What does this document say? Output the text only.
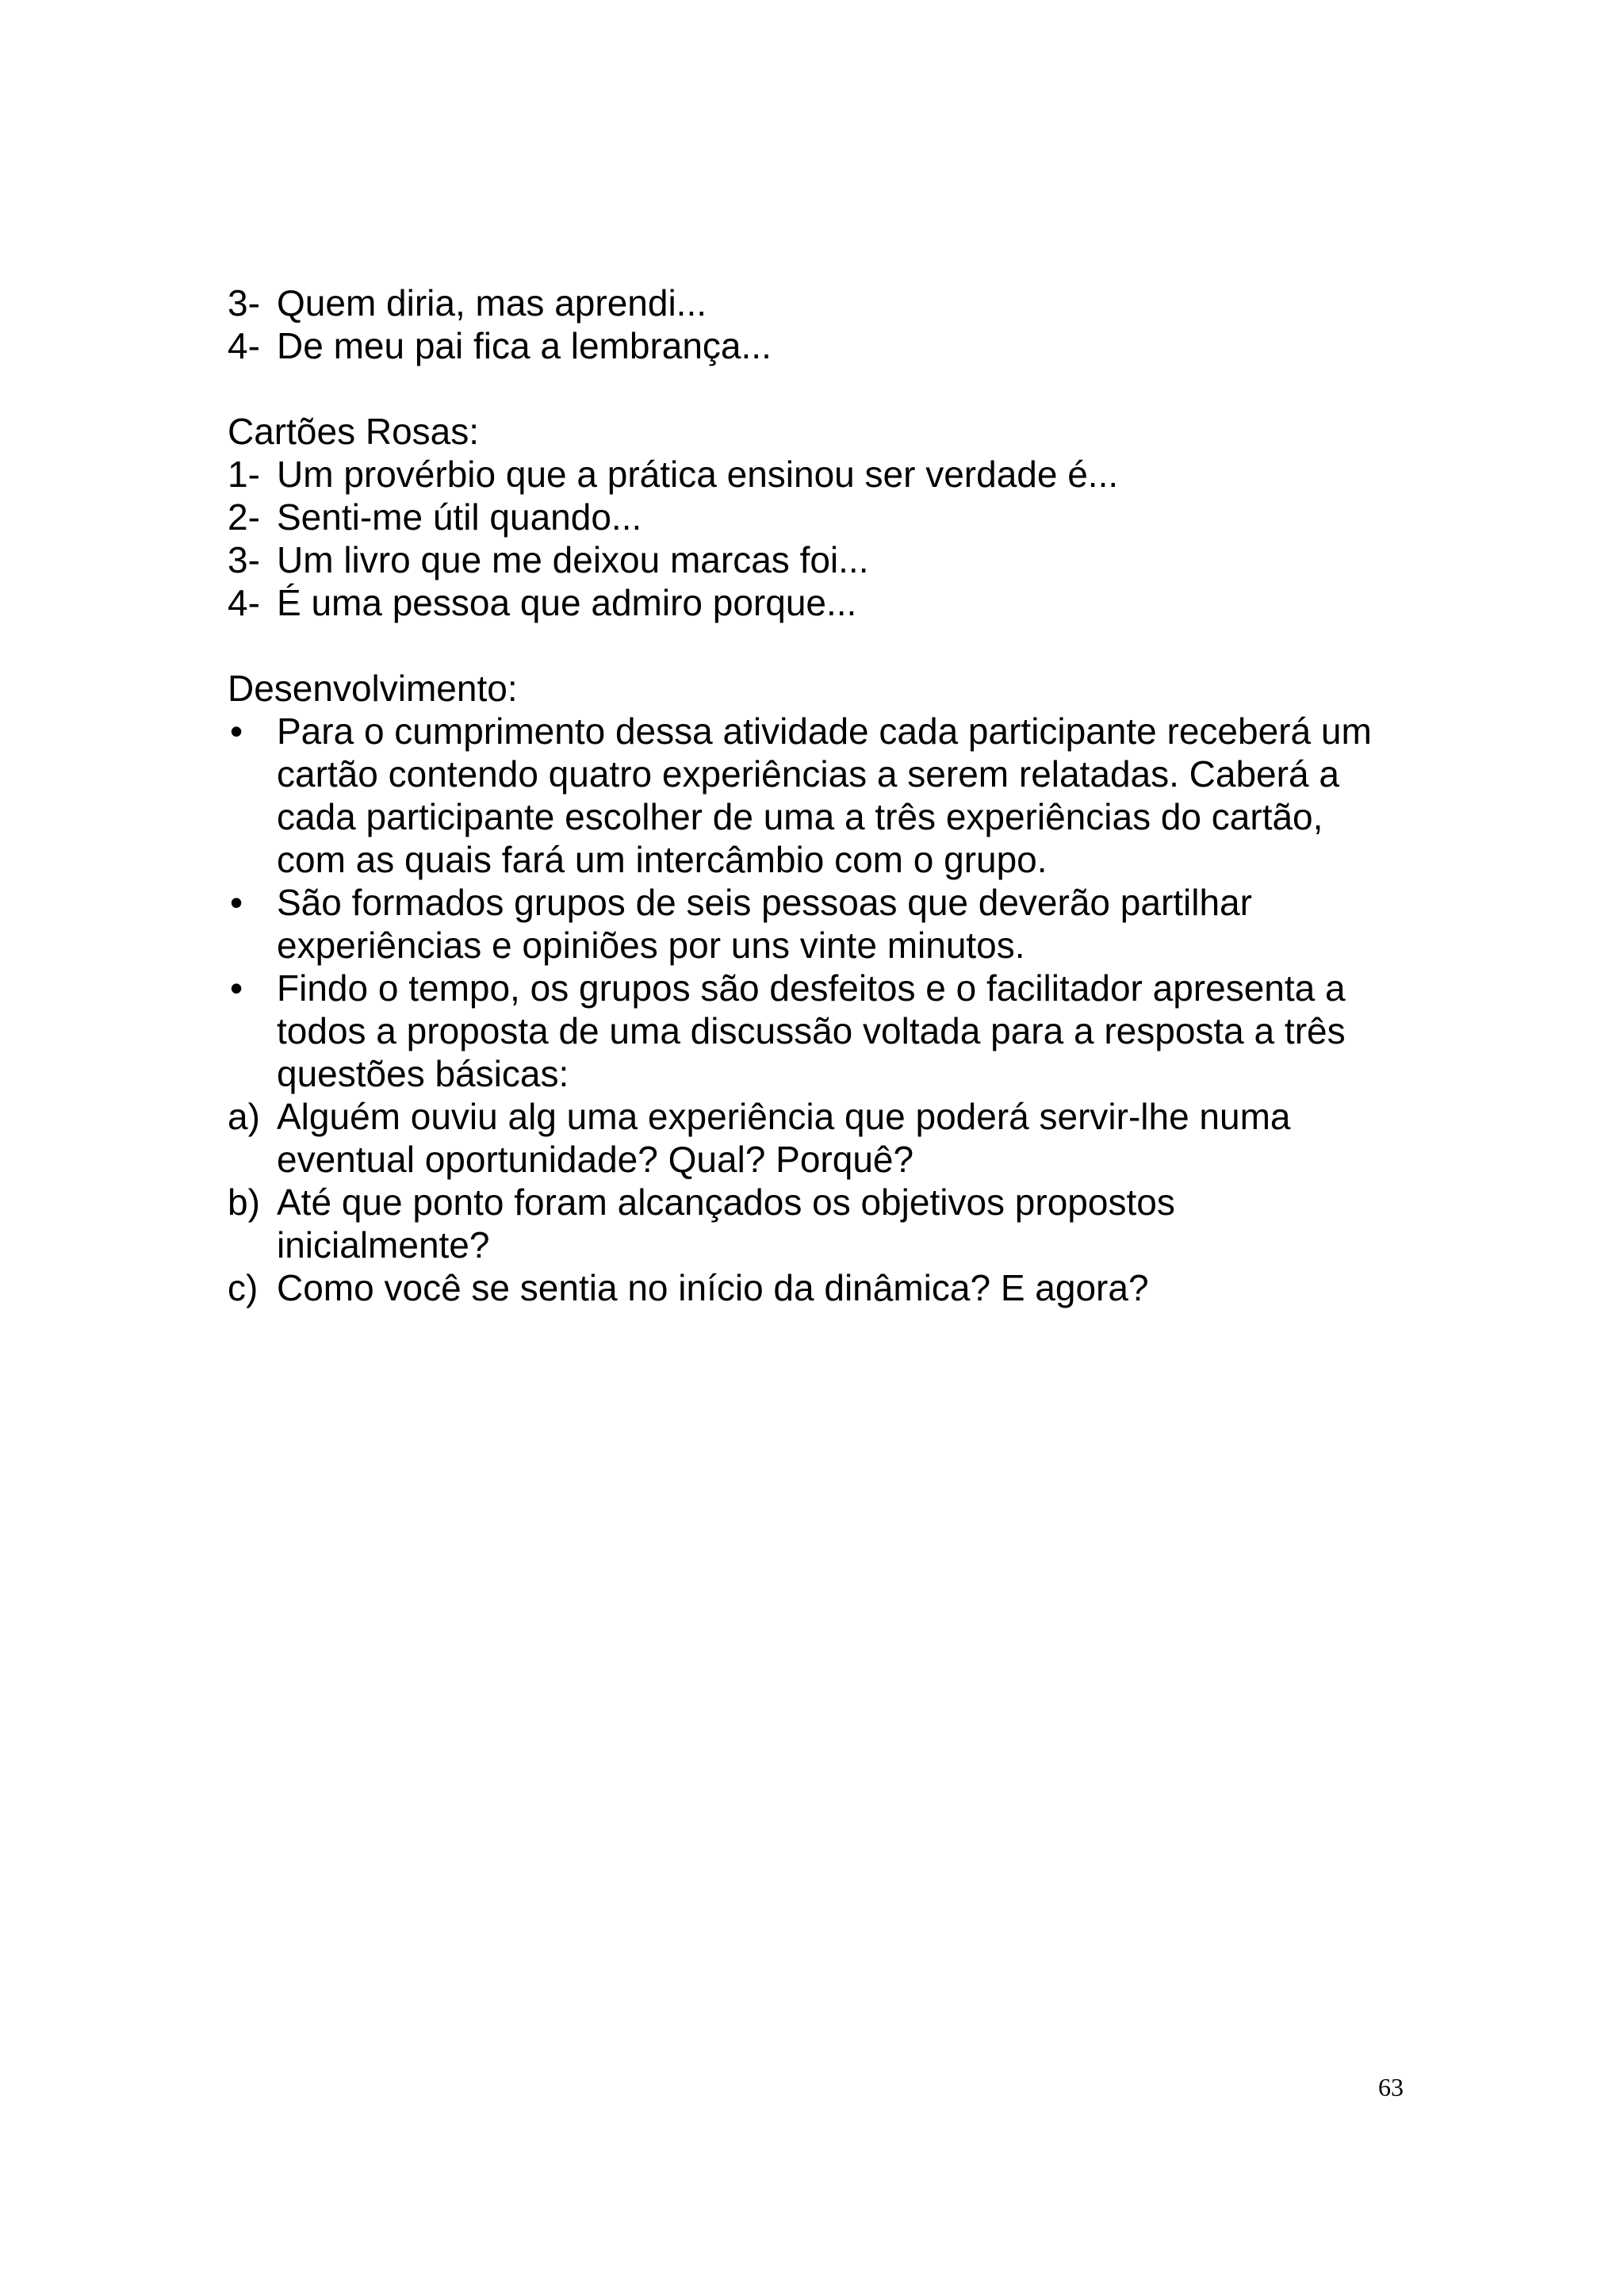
3- Quem diria, mas aprendi...
4- De meu pai fica a lembrança...
Cartões Rosas:
1- Um provérbio que a prática ensinou ser verdade é...
2- Senti-me útil quando...
3- Um livro que me deixou marcas foi...
4- É uma pessoa que admiro porque...
Desenvolvimento:
• Para o cumprimento dessa atividade cada participante receberá um
cartão contendo quatro experiências a serem relatadas. Caberá a
cada participante escolher de uma a três experiências do cartão,
com as quais fará um intercâmbio com o grupo.
• São formados grupos de seis pessoas que deverão partilhar
experiências e opiniões por uns vinte minutos.
• Findo o tempo, os grupos são desfeitos e o facilitador apresenta a
todos a proposta de uma discussão voltada para a resposta a três
questões básicas:
a) Alguém ouviu alg uma experiência que poderá servir-lhe numa
eventual oportunidade? Qual? Porquê?
b) Até que ponto foram alcançados os objetivos propostos
inicialmente?
c) Como você se sentia no início da dinâmica? E agora?
63
